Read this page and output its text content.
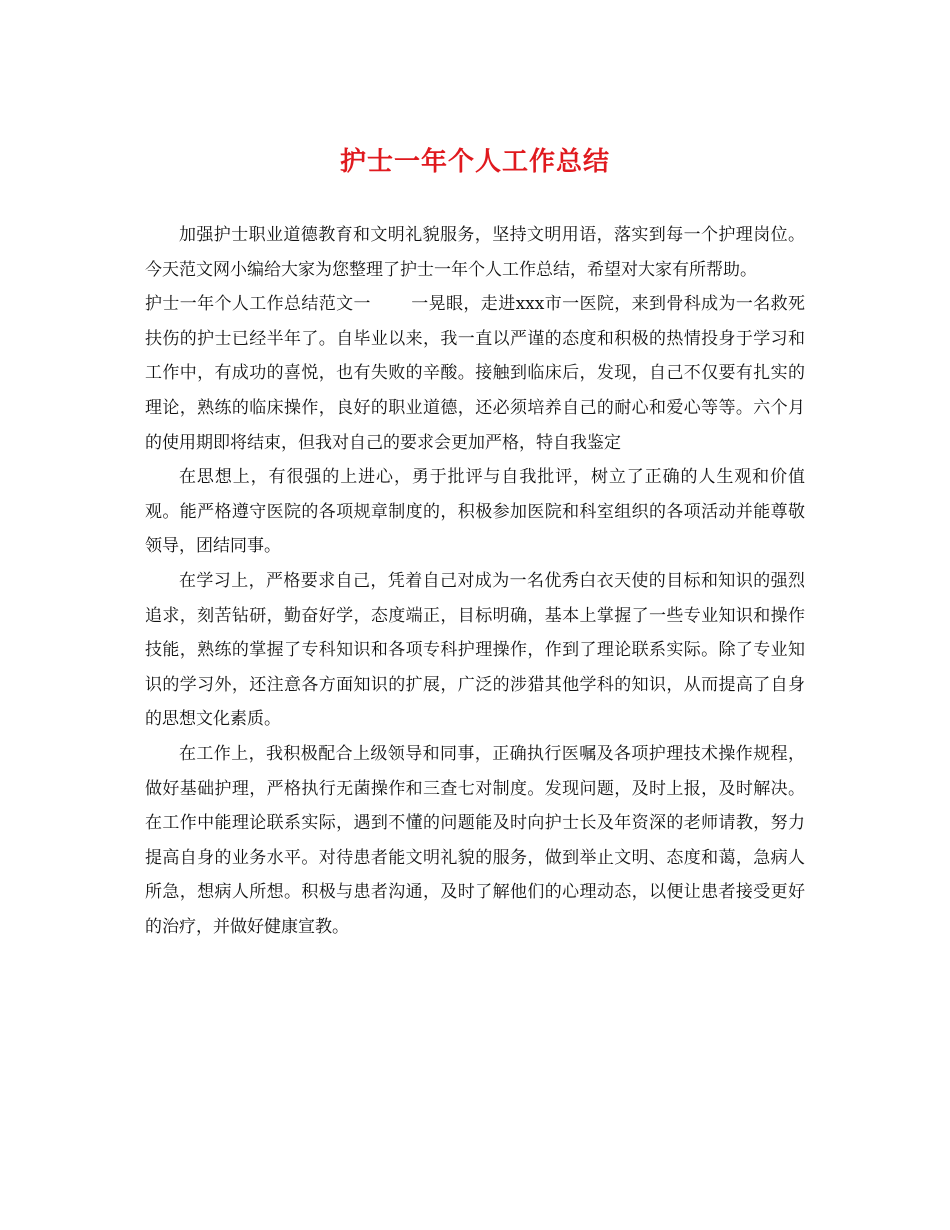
护士一年个人工作总结

加强护士职业道德教育和文明礼貌服务，坚持文明用语，落实到每一个护理岗位。今天范文网小编给大家为您整理了护士一年个人工作总结，希望对大家有所帮助。

护士一年个人工作总结范文一 一晃眼，走进xxx市一医院，来到骨科成为一名救死扶伤的护士已经半年了。自毕业以来，我一直以严谨的态度和积极的热情投身于学习和工作中，有成功的喜悦，也有失败的辛酸。接触到临床后，发现，自己不仅要有扎实的理论，熟练的临床操作，良好的职业道德，还必须培养自己的耐心和爱心等等。六个月的使用期即将结束，但我对自己的要求会更加严格，特自我鉴定

在思想上，有很强的上进心，勇于批评与自我批评，树立了正确的人生观和价值观。能严格遵守医院的各项规章制度的，积极参加医院和科室组织的各项活动并能尊敬领导，团结同事。

在学习上，严格要求自己，凭着自己对成为一名优秀白衣天使的目标和知识的强烈追求，刻苦钻研，勤奋好学，态度端正，目标明确，基本上掌握了一些专业知识和操作技能，熟练的掌握了专科知识和各项专科护理操作，作到了理论联系实际。除了专业知识的学习外，还注意各方面知识的扩展，广泛的涉猎其他学科的知识，从而提高了自身的思想文化素质。

在工作上，我积极配合上级领导和同事，正确执行医嘱及各项护理技术操作规程，做好基础护理，严格执行无菌操作和三查七对制度。发现问题，及时上报，及时解决。在工作中能理论联系实际，遇到不懂的问题能及时向护士长及年资深的老师请教，努力提高自身的业务水平。对待患者能文明礼貌的服务，做到举止文明、态度和蔼，急病人所急，想病人所想。积极与患者沟通，及时了解他们的心理动态，以便让患者接受更好的治疗，并做好健康宣教。
